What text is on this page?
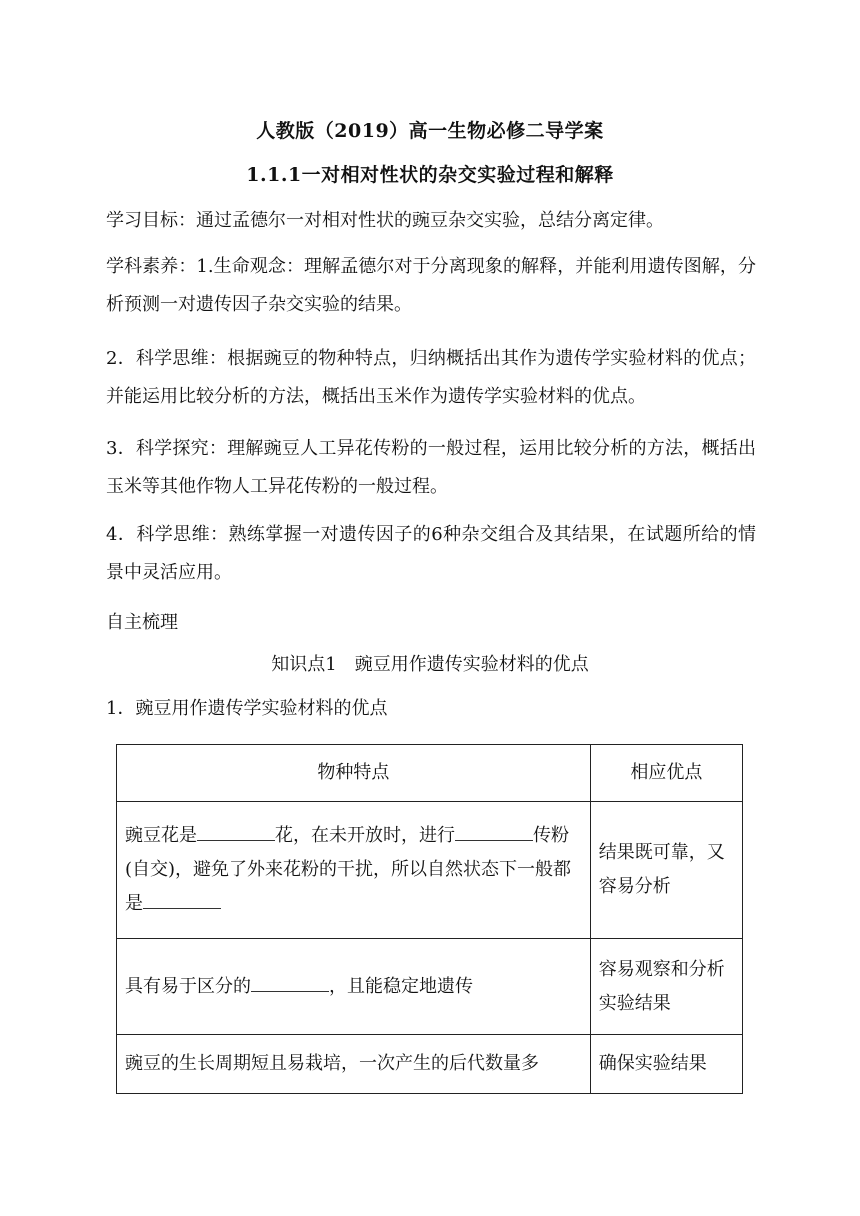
人教版（2019）高一生物必修二导学案
1.1.1一对相对性状的杂交实验过程和解释
学习目标：通过孟德尔一对相对性状的豌豆杂交实验，总结分离定律。
学科素养：1.生命观念：理解孟德尔对于分离现象的解释，并能利用遗传图解，分析预测一对遗传因子杂交实验的结果。
2．科学思维：根据豌豆的物种特点，归纳概括出其作为遗传学实验材料的优点；并能运用比较分析的方法，概括出玉米作为遗传学实验材料的优点。
3．科学探究：理解豌豆人工异花传粉的一般过程，运用比较分析的方法，概括出玉米等其他作物人工异花传粉的一般过程。
4．科学思维：熟练掌握一对遗传因子的6种杂交组合及其结果，在试题所给的情景中灵活应用。
自主梳理
知识点1　豌豆用作遗传实验材料的优点
1．豌豆用作遗传学实验材料的优点
物种特点	相应优点
豌豆花是 花，在未开放时，进行 传粉(自交)，避免了外来花粉的干扰，所以自然状态下一般都是	结果既可靠，又容易分析
具有易于区分的 ，且能稳定地遗传	容易观察和分析实验结果
豌豆的生长周期短且易栽培，一次产生的后代数量多	确保实验结果
